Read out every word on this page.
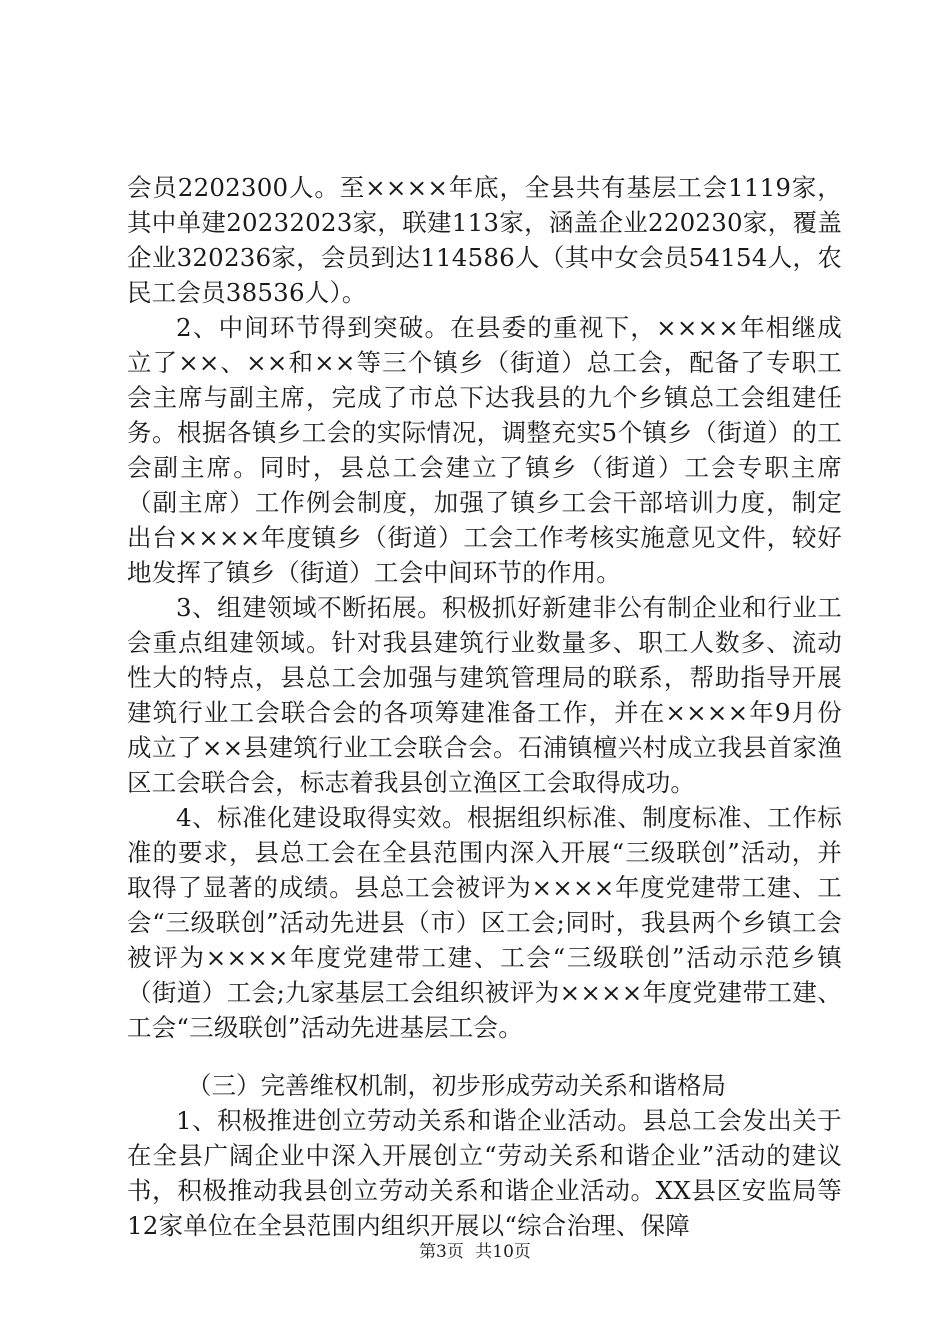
会员2202300人。至××××年底，全县共有基层工会1119家，其中单建20232023家，联建113家，涵盖企业220230家，覆盖企业320236家，会员到达114586人（其中女会员54154人，农民工会员38536人）。

2、中间环节得到突破。在县委的重视下，××××年相继成立了××、××和××等三个镇乡（街道）总工会，配备了专职工会主席与副主席，完成了市总下达我县的九个乡镇总工会组建任务。根据各镇乡工会的实际情况，调整充实5个镇乡（街道）的工会副主席。同时，县总工会建立了镇乡（街道）工会专职主席（副主席）工作例会制度，加强了镇乡工会干部培训力度，制定出台××××年度镇乡（街道）工会工作考核实施意见文件，较好地发挥了镇乡（街道）工会中间环节的作用。

3、组建领域不断拓展。积极抓好新建非公有制企业和行业工会重点组建领域。针对我县建筑行业数量多、职工人数多、流动性大的特点，县总工会加强与建筑管理局的联系，帮助指导开展建筑行业工会联合会的各项筹建准备工作，并在××××年9月份成立了××县建筑行业工会联合会。石浦镇檀兴村成立我县首家渔区工会联合会，标志着我县创立渔区工会取得成功。

4、标准化建设取得实效。根据组织标准、制度标准、工作标准的要求，县总工会在全县范围内深入开展“三级联创”活动，并取得了显著的成绩。县总工会被评为××××年度党建带工建、工会“三级联创”活动先进县（市）区工会;同时，我县两个乡镇工会被评为××××年度党建带工建、工会“三级联创”活动示范乡镇（街道）工会;九家基层工会组织被评为××××年度党建带工建、工会“三级联创”活动先进基层工会。

（三）完善维权机制，初步形成劳动关系和谐格局

1、积极推进创立劳动关系和谐企业活动。县总工会发出关于在全县广阔企业中深入开展创立“劳动关系和谐企业”活动的建议书，积极推动我县创立劳动关系和谐企业活动。XX县区安监局等12家单位在全县范围内组织开展以“综合治理、保障

第3页 共10页
